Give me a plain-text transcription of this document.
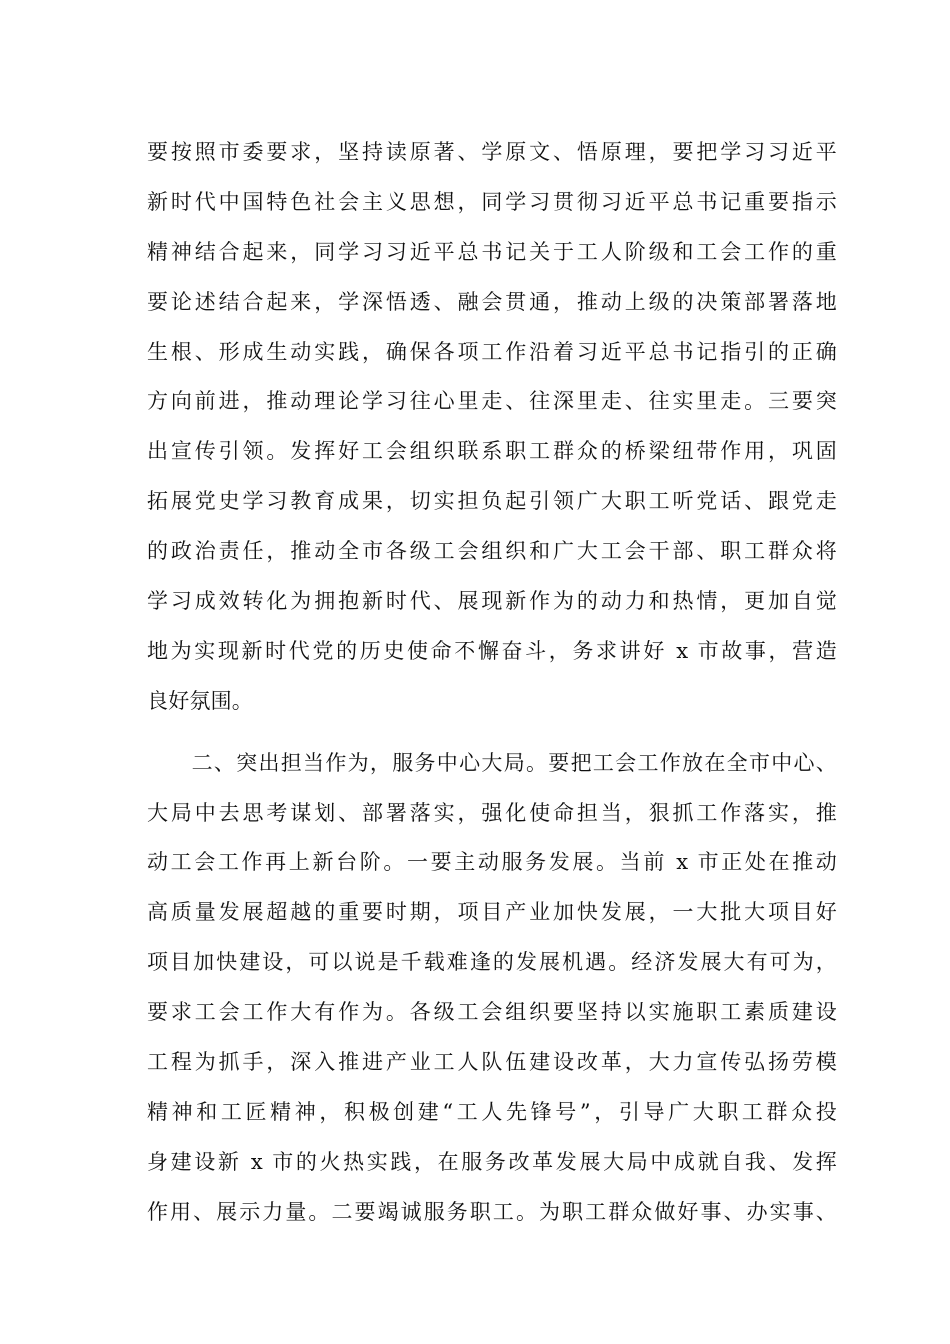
要按照市委要求，坚持读原著、学原文、悟原理，要把学习习近平
新时代中国特色社会主义思想，同学习贯彻习近平总书记重要指示
精神结合起来，同学习习近平总书记关于工人阶级和工会工作的重
要论述结合起来，学深悟透、融会贯通，推动上级的决策部署落地
生根、形成生动实践，确保各项工作沿着习近平总书记指引的正确
方向前进，推动理论学习往心里走、往深里走、往实里走。三要突
出宣传引领。发挥好工会组织联系职工群众的桥梁纽带作用，巩固
拓展党史学习教育成果，切实担负起引领广大职工听党话、跟党走
的政治责任，推动全市各级工会组织和广大工会干部、职工群众将
学习成效转化为拥抱新时代、展现新作为的动力和热情，更加自觉
地为实现新时代党的历史使命不懈奋斗，务求讲好 x 市故事，营造
良好氛围。
　　二、突出担当作为，服务中心大局。要把工会工作放在全市中心、
大局中去思考谋划、部署落实，强化使命担当，狠抓工作落实，推
动工会工作再上新台阶。一要主动服务发展。当前 x 市正处在推动
高质量发展超越的重要时期，项目产业加快发展，一大批大项目好
项目加快建设，可以说是千载难逢的发展机遇。经济发展大有可为，
要求工会工作大有作为。各级工会组织要坚持以实施职工素质建设
工程为抓手，深入推进产业工人队伍建设改革，大力宣传弘扬劳模
精神和工匠精神，积极创建“工人先锋号”，引导广大职工群众投
身建设新 x 市的火热实践，在服务改革发展大局中成就自我、发挥
作用、展示力量。二要竭诚服务职工。为职工群众做好事、办实事、
